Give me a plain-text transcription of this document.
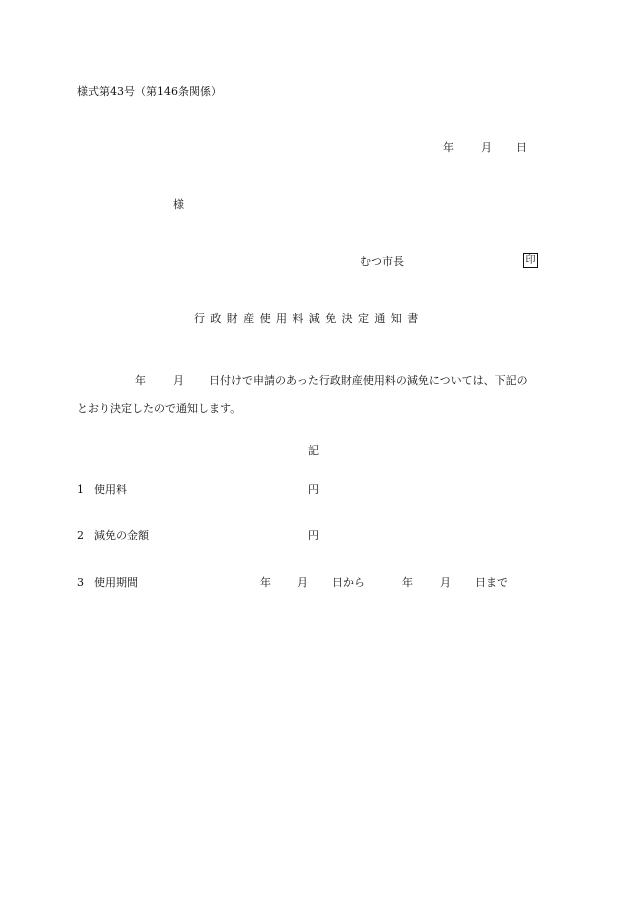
様式第43号（第146条関係）
年 月 日
様
むつ市長	印
行政財産使用料減免決定通知書
年 月 日付けで申請のあった行政財産使用料の減免については、下記の
とおり決定したので通知します。
記
1 使用料	円
2 減免の金額	円
3 使用期間	年 月 日から	年 月 日まで
